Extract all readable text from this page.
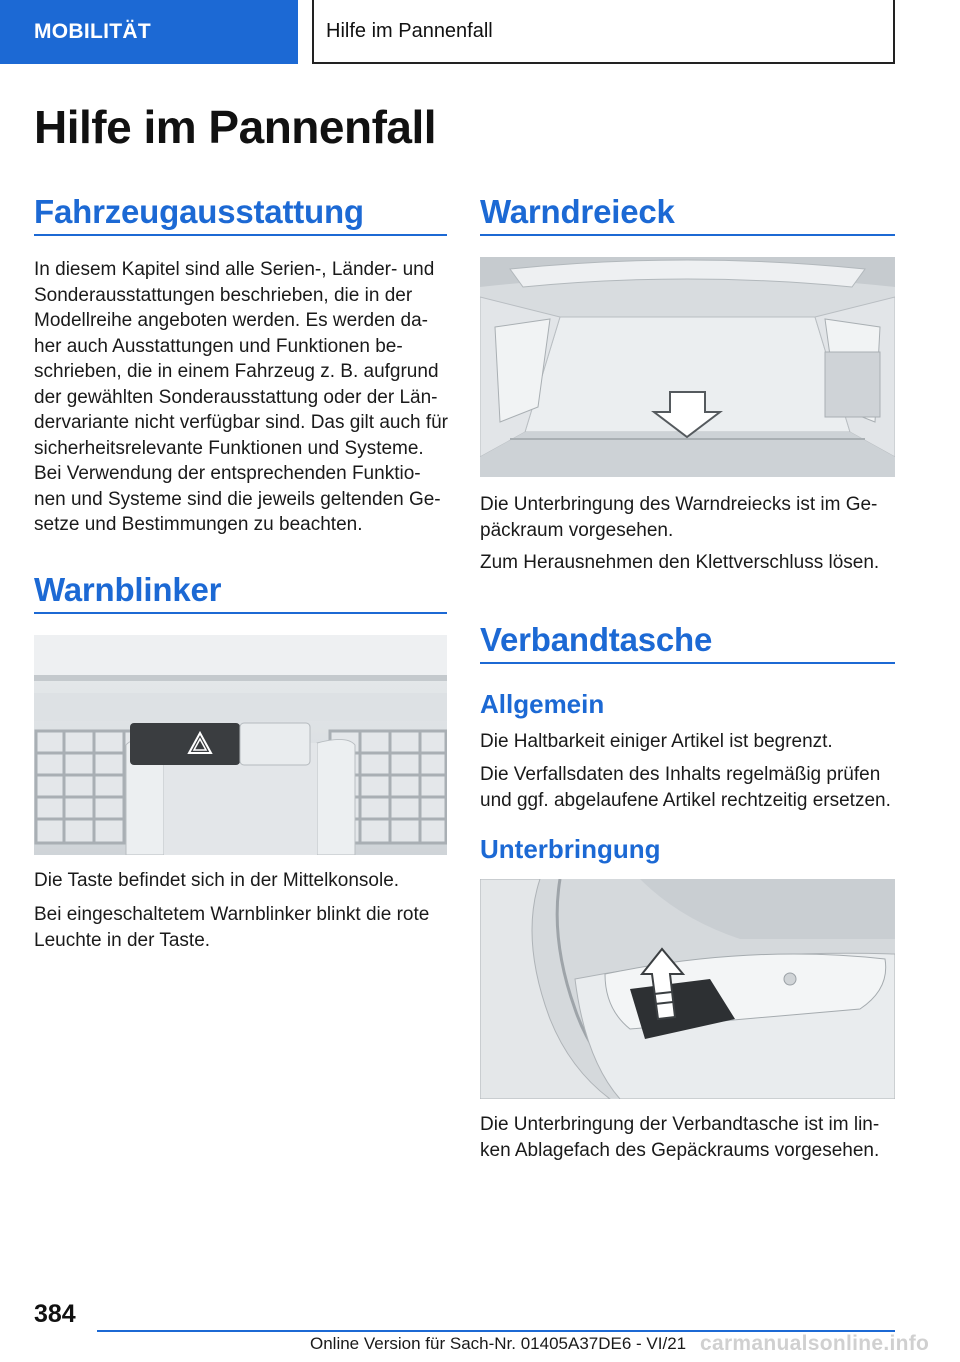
MOBILITÄT	Hilfe im Pannenfall
Hilfe im Pannenfall
Fahrzeugausstattung
In diesem Kapitel sind alle Serien-, Länder- und
Sonderausstattungen beschrieben, die in der
Modellreihe angeboten werden. Es werden da-
her auch Ausstattungen und Funktionen be-
schrieben, die in einem Fahrzeug z. B. aufgrund
der gewählten Sonderausstattung oder der Län-
dervariante nicht verfügbar sind. Das gilt auch für
sicherheitsrelevante Funktionen und Systeme.
Bei Verwendung der entsprechenden Funktio-
nen und Systeme sind die jeweils geltenden Ge-
setze und Bestimmungen zu beachten.
Warnblinker
Die Taste befindet sich in der Mittelkonsole.
Bei eingeschaltetem Warnblinker blinkt die rote
Leuchte in der Taste.
Warndreieck
Die Unterbringung des Warndreiecks ist im Ge-
päckraum vorgesehen.
Zum Herausnehmen den Klettverschluss lösen.
Verbandtasche
Allgemein
Die Haltbarkeit einiger Artikel ist begrenzt.
Die Verfallsdaten des Inhalts regelmäßig prüfen
und ggf. abgelaufene Artikel rechtzeitig ersetzen.
Unterbringung
Die Unterbringung der Verbandtasche ist im lin-
ken Ablagefach des Gepäckraums vorgesehen.
384
Online Version für Sach-Nr. 01405A37DE6 - VI/21 carmanualsonline.info
